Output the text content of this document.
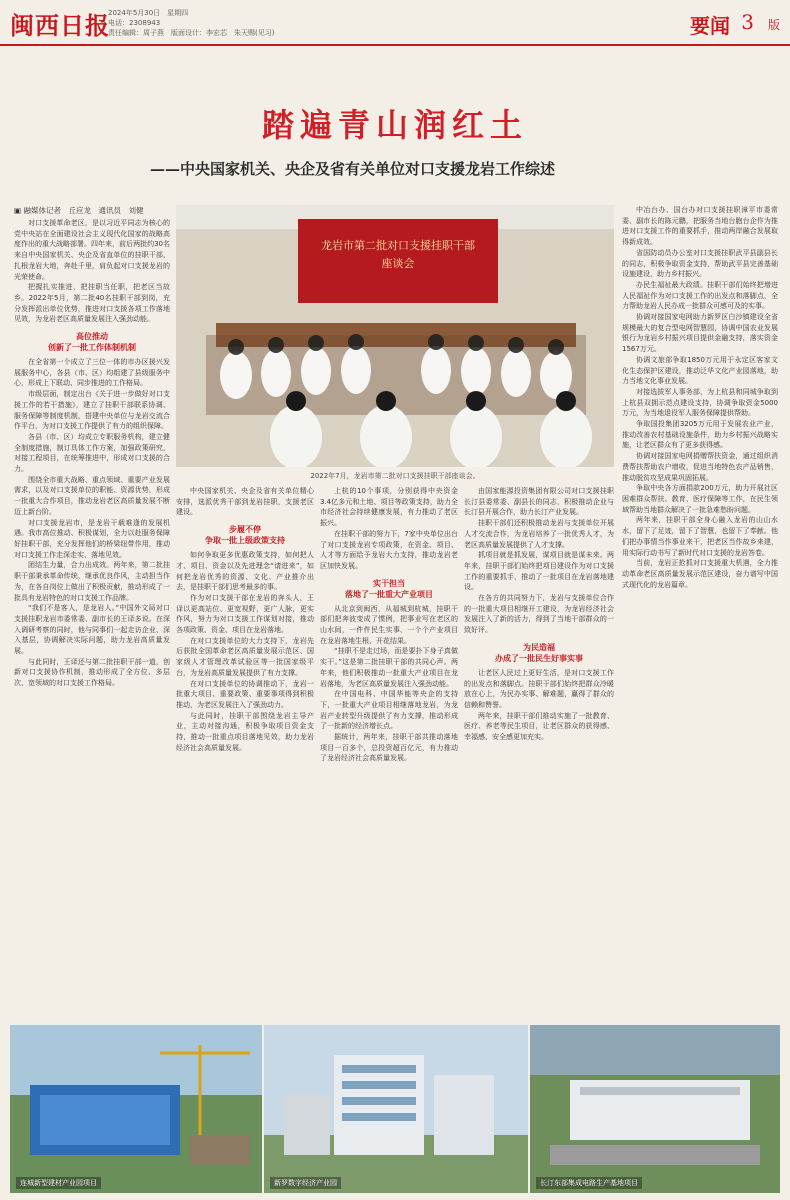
闽西日报
2024年5月30日　星期四
电话：2308943
责任编辑：周子燕　版面设计：李宏芯　朱天赐(见习)	要闻 3 版
踏遍青山润红土
——中央国家机关、央企及省有关单位对口支援龙岩工作综述
▣ 融媒体记者　丘应龙　通讯员　刘健

对口支援革命老区，是以习近平同志为核心的党中央站在全面建设社会主义现代化国家的战略高度作出的重大战略部署。四年来，前后两批约30名来自中央国家机关、央企及省直单位的挂职干部，扎根龙岩大地，奔赴千里，肩负起对口支援龙岩的光荣使命。

把握扎实推进，把挂职当任职，把老区当故乡。2022年5月，第二批40名挂职干部到岗，充分发挥派出单位优势，推进对口支援各项工作落地见效，为龙岩老区高质量发展注入强劲动能。

高位推动
创新了一批工作体制机制

在全省第一个成立了三位一体的市办区援兴发展服务中心，各县（市、区）均组建了县级服务中心，形成上下联动、同步推进的工作格局。

市级层面，制定出台《关于进一步做好对口支援工作的若干措施》，建立了挂职干部联系协调、服务保障等制度机制，搭建中央单位与龙岩交流合作平台，为对口支援工作提供了有力的组织保障。

各县（市、区）均成立专职服务机构，建立健全制度措施，制订具体工作方案，加强政策研究，对接工程项目，在统筹推进中，形成对口支援的合力。

围绕全市重大战略、重点领域、重要产业发展需求，以及对口支援单位的职能、资源优势，形成一批重大合作项目，推动龙岩老区高质量发展不断迈上新台阶。

对口支援龙岩市，是龙岩干载难逢的发展机遇。我市高位推动、积极谋划，全力以赴服务保障好挂职干部，充分发挥他们的桥梁纽带作用，推动对口支援工作走深走实、落地见效。

团结生力量，合力出成效。两年来，第二批挂职干部秉承革命传统，继承优良作风，主动担当作为，在各自岗位上做出了积极贡献，推动形成了一批具有龙岩特色的对口支援工作品牌。

“我们不是客人，是龙岩人。”中国外文局对口支援挂职龙岩市委常委、副市长的王译多说。在深入调研考察的同时，他与同事们一起走访企业、深入基层，协调解决实际问题，助力龙岩高质量发展。

与此同时，王译还与第二批挂职干部一道，创新对口支援协作机制，推动形成了全方位、多层次、宽领域的对口支援工作格局。

龙岩市第二批对口支援挂职干部
座谈会
2022年7月，龙岩市第二批对口支援挂职干部座谈会。

中央国家机关、央企及省有关单位精心安排，选派优秀干部到龙岩挂职，支援老区建设。

步履不停
争取一批上级政策支持

如何争取更多优惠政策支持，如何把人才、项目、资金以及先进理念“请进来”，如何把龙岩优秀的资源、文化、产业推介出去，是挂职干部们思考最多的事。

作为对口支援干部在龙岩的奔头人，王译以更高站位、更宽视野，更广人脉，更实作风，努力为对口支援工作谋划对接，推动各项政策、资金、项目在龙岩落地。

在对口支援单位的大力支持下，龙岩先后获批全国革命老区高质量发展示范区、国家级人才管理改革试验区等一批国家级平台，为龙岩高质量发展提供了有力支撑。

在对口支援单位的协调推动下，龙岩一批重大项目、重要政策、重要事项得到积极推动，为老区发展注入了强劲动力。

与此同时，挂职干部围绕龙岩主导产业，主动对接沟通，积极争取项目资金支持，推动一批重点项目落地见效，助力龙岩经济社会高质量发展。

上杭的10个事项，分别获得中央资金3.4亿多元和土地、项目等政策支持，助力全市经济社会持续健康发展，有力推动了老区振兴。

在挂职干部的努力下，7家中央单位出台了对口支援龙岩专项政策，在资金、项目、人才等方面给予龙岩大力支持，推动龙岩老区加快发展。

实干担当
落地了一批重大产业项目

从北京到闽西，从福城到杭城，挂职干部们把奔波变成了惯例，把事业写在老区的山水间，一件件民生实事、一个个产业项目在龙岩落地生根、开花结果。

“挂职不是走过场，而是要扑下身子真做实干。”这是第二批挂职干部的共同心声。两年来，他们积极推动一批重大产业项目在龙岩落地，为老区高质量发展注入强劲动能。

在中国电科、中国华能等央企的支持下，一批重大产业项目相继落地龙岩，为龙岩产业转型升级提供了有力支撑，推动形成了一批新的经济增长点。

据统计，两年来，挂职干部共推动落地项目一百多个，总投资超百亿元，有力推动了龙岩经济社会高质量发展。

由国家能源投资集团有限公司对口支援挂职长汀县委常委、副县长的同志，积极推动企业与长汀县开展合作，助力长汀产业发展。

挂职干部们还积极推动龙岩与支援单位开展人才交流合作，为龙岩培养了一批优秀人才，为老区高质量发展提供了人才支撑。

抓项目就是抓发展，谋项目就是谋未来。两年来，挂职干部们始终把项目建设作为对口支援工作的重要抓手，推动了一批项目在龙岩落地建设。

在各方的共同努力下，龙岩与支援单位合作的一批重大项目相继开工建设，为龙岩经济社会发展注入了新的活力，得到了当地干部群众的一致好评。

为民造福
办成了一批民生好事实事

让老区人民过上更好生活，是对口支援工作的出发点和落脚点。挂职干部们始终把群众冷暖放在心上，为民办实事、解难题，赢得了群众的信赖和赞誉。

两年来，挂职干部们推动实施了一批教育、医疗、养老等民生项目，让老区群众的获得感、幸福感、安全感更加充实。

中冶台办、国台办对口支援挂职漳平市委常委、副市长的陈元鹏，把服务当地台胞台企作为推进对口支援工作的重要抓手，推动两岸融合发展取得新成效。

省国防动员办公室对口支援挂职武平县副县长的同志，积极争取资金支持，帮助武平县完善基础设施建设，助力乡村振兴。

办民生福祉最大政绩。挂职干部们始终把增进人民福祉作为对口支援工作的出发点和落脚点，全力帮助龙岩人民办成一批群众可感可及的实事。

协调对接国家电网助力新罗区白沙镇建设全省规模最大的复合型电网智慧园，协调中国农业发展银行为龙岩乡村振兴项目提供金融支持，落实资金1567万元。

协调文旅部争取1850万元用于永定区客家文化生态保护区建设，推动泛华文化产业园落地，助力当地文化事业发展。

对接选拔军人事务部，为上杭县和同城争取到上杭县双拥示范点建设支持，协调争取资金5000万元，为当地退役军人服务保障提供帮助。

争取国投集团3205万元用于发展农业产业，推动改善农村基础设施条件，助力乡村振兴战略实施，让老区群众有了更多获得感。

协调对接国家电网捐赠帮扶资金，通过组织消费帮扶帮助农户增收，促进当地特色农产品销售，推动脱贫攻坚成果巩固拓展。

争取中央各方面捐款200万元，助力开展社区困难群众帮扶、教育、医疗保障等工作，在民生领域帮助当地群众解决了一批急难愁盼问题。

两年来，挂职干部全身心融入龙岩的山山水水，留下了足迹，留下了智慧，也留下了奉献。他们把办事情当作事业来干，把老区当作故乡来建，用实际行动书写了新时代对口支援的龙岩答卷。

当前，龙岩正抢抓对口支援重大机遇，全力推动革命老区高质量发展示范区建设，奋力谱写中国式现代化的龙岩篇章。

连城新型建材产业园项目	新罗数字经济产业园	长汀东部集成电路生产基地项目
